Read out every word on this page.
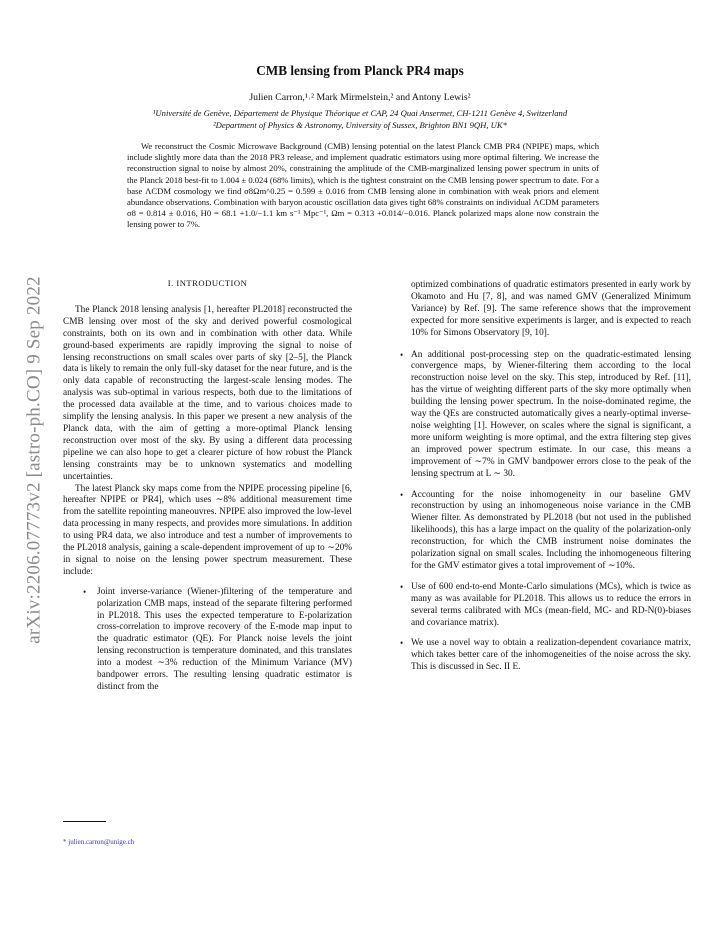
arXiv:2206.07773v2 [astro-ph.CO] 9 Sep 2022
CMB lensing from Planck PR4 maps
Julien Carron,¹˒² Mark Mirmelstein,² and Antony Lewis²
¹Université de Genève, Département de Physique Théorique et CAP, 24 Quai Ansermet, CH-1211 Genève 4, Switzerland
²Department of Physics & Astronomy, University of Sussex, Brighton BN1 9QH, UK*
We reconstruct the Cosmic Microwave Background (CMB) lensing potential on the latest Planck CMB PR4 (NPIPE) maps, which include slightly more data than the 2018 PR3 release, and implement quadratic estimators using more optimal filtering. We increase the reconstruction signal to noise by almost 20%, constraining the amplitude of the CMB-marginalized lensing power spectrum in units of the Planck 2018 best-fit to 1.004 ± 0.024 (68% limits), which is the tightest constraint on the CMB lensing power spectrum to date. For a base ΛCDM cosmology we find σ8Ωm^0.25 = 0.599 ± 0.016 from CMB lensing alone in combination with weak priors and element abundance observations. Combination with baryon acoustic oscillation data gives tight 68% constraints on individual ΛCDM parameters σ8 = 0.814 ± 0.016, H0 = 68.1 +1.0/−1.1 km s⁻¹ Mpc⁻¹, Ωm = 0.313 +0.014/−0.016. Planck polarized maps alone now constrain the lensing power to 7%.
I. INTRODUCTION

The Planck 2018 lensing analysis [1, hereafter PL2018] reconstructed the CMB lensing over most of the sky and derived powerful cosmological constraints, both on its own and in combination with other data. While ground-based experiments are rapidly improving the signal to noise of lensing reconstructions on small scales over parts of sky [2–5], the Planck data is likely to remain the only full-sky dataset for the near future, and is the only data capable of reconstructing the largest-scale lensing modes. The analysis was sub-optimal in various respects, both due to the limitations of the processed data available at the time, and to various choices made to simplify the lensing analysis. In this paper we present a new analysis of the Planck data, with the aim of getting a more-optimal Planck lensing reconstruction over most of the sky. By using a different data processing pipeline we can also hope to get a clearer picture of how robust the Planck lensing constraints may be to unknown systematics and modelling uncertainties.

The latest Planck sky maps come from the NPIPE processing pipeline [6, hereafter NPIPE or PR4], which uses ∼8% additional measurement time from the satellite repointing maneouvres. NPIPE also improved the low-level data processing in many respects, and provides more simulations. In addition to using PR4 data, we also introduce and test a number of improvements to the PL2018 analysis, gaining a scale-dependent improvement of up to ∼20% in signal to noise on the lensing power spectrum measurement. These include:

• Joint inverse-variance (Wiener-)filtering of the temperature and polarization CMB maps, instead of the separate filtering performed in PL2018. This uses the expected temperature to E-polarization cross-correlation to improve recovery of the E-mode map input to the quadratic estimator (QE). For Planck noise levels the joint lensing reconstruction is temperature dominated, and this translates into a modest ∼3% reduction of the Minimum Variance (MV) bandpower errors. The resulting lensing quadratic estimator is distinct from the

optimized combinations of quadratic estimators presented in early work by Okamoto and Hu [7, 8], and was named GMV (Generalized Minimum Variance) by Ref. [9]. The same reference shows that the improvement expected for more sensitive experiments is larger, and is expected to reach 10% for Simons Observatory [9, 10].

• An additional post-processing step on the quadratic-estimated lensing convergence maps, by Wiener-filtering them according to the local reconstruction noise level on the sky. This step, introduced by Ref. [11], has the virtue of weighting different parts of the sky more optimally when building the lensing power spectrum. In the noise-dominated regime, the way the QEs are constructed automatically gives a nearly-optimal inverse-noise weighting [1]. However, on scales where the signal is significant, a more uniform weighting is more optimal, and the extra filtering step gives an improved power spectrum estimate. In our case, this means a improvement of ∼7% in GMV bandpower errors close to the peak of the lensing spectrum at L ∼ 30.
• Accounting for the noise inhomogeneity in our baseline GMV reconstruction by using an inhomogeneous noise variance in the CMB Wiener filter. As demonstrated by PL2018 (but not used in the published likelihoods), this has a large impact on the quality of the polarization-only reconstruction, for which the CMB instrument noise dominates the polarization signal on small scales. Including the inhomogeneous filtering for the GMV estimator gives a total improvement of ∼10%.
• Use of 600 end-to-end Monte-Carlo simulations (MCs), which is twice as many as was available for PL2018. This allows us to reduce the errors in several terms calibrated with MCs (mean-field, MC- and RD-N(0)-biases and covariance matrix).
• We use a novel way to obtain a realization-dependent covariance matrix, which takes better care of the inhomogeneities of the noise across the sky. This is discussed in Sec. II E.
* julien.carron@unige.ch
